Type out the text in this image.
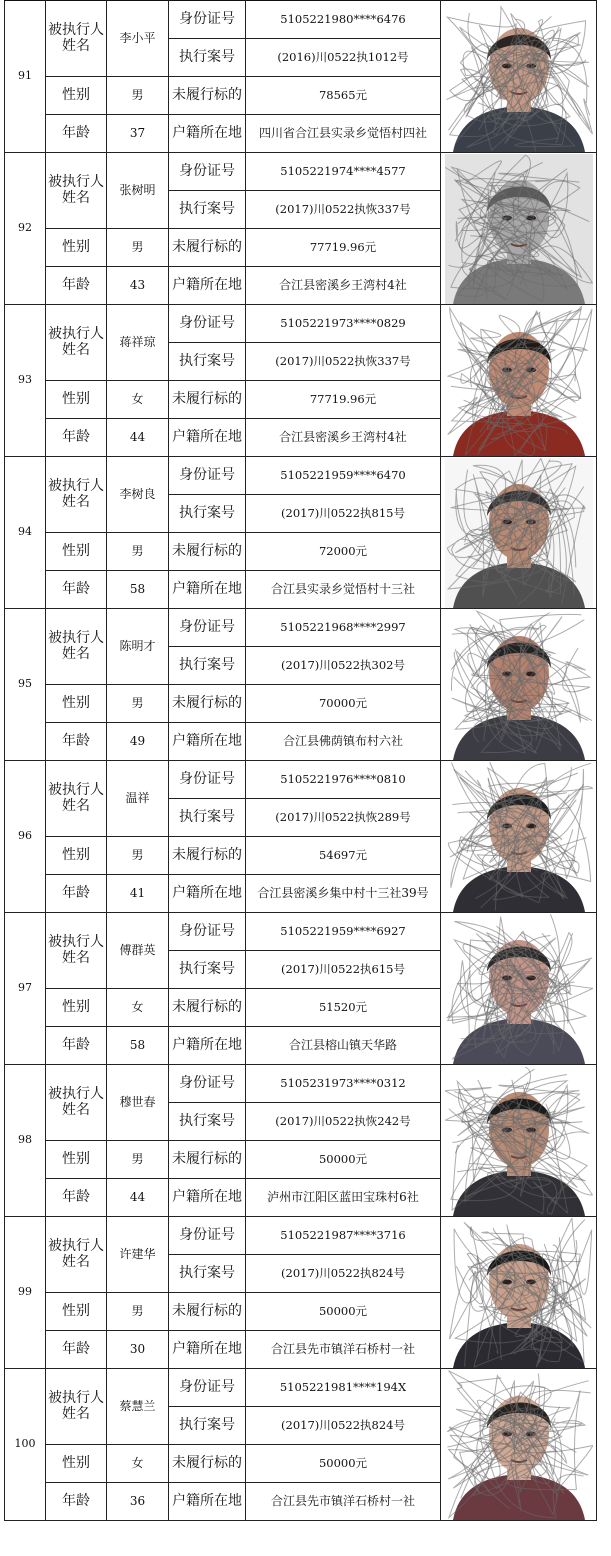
91	被执行人姓名	李小平	身份证号	5105221980****6476	

			执行案号	(2016)川0522执1012号	
	性别	男	未履行标的	78565元	
	年龄	37	户籍所在地	四川省合江县实录乡觉悟村四社	
92	被执行人姓名	张树明	身份证号	5105221974****4577	

			执行案号	(2017)川0522执恢337号	
	性别	男	未履行标的	77719.96元	
	年龄	43	户籍所在地	合江县密溪乡王湾村4社	
93	被执行人姓名	蒋祥琼	身份证号	5105221973****0829	

			执行案号	(2017)川0522执恢337号	
	性别	女	未履行标的	77719.96元	
	年龄	44	户籍所在地	合江县密溪乡王湾村4社	
94	被执行人姓名	李树良	身份证号	5105221959****6470	

			执行案号	(2017)川0522执815号	
	性别	男	未履行标的	72000元	
	年龄	58	户籍所在地	合江县实录乡觉悟村十三社	
95	被执行人姓名	陈明才	身份证号	5105221968****2997	

			执行案号	(2017)川0522执302号	
	性别	男	未履行标的	70000元	
	年龄	49	户籍所在地	合江县佛荫镇布村六社	
96	被执行人姓名	温祥	身份证号	5105221976****0810	

			执行案号	(2017)川0522执恢289号	
	性别	男	未履行标的	54697元	
	年龄	41	户籍所在地	合江县密溪乡集中村十三社39号	
97	被执行人姓名	傅群英	身份证号	5105221959****6927	

			执行案号	(2017)川0522执615号	
	性别	女	未履行标的	51520元	
	年龄	58	户籍所在地	合江县榕山镇天华路	
98	被执行人姓名	穆世春	身份证号	5105231973****0312	

			执行案号	(2017)川0522执恢242号	
	性别	男	未履行标的	50000元	
	年龄	44	户籍所在地	泸州市江阳区蓝田宝珠村6社	
99	被执行人姓名	许建华	身份证号	5105221987****3716	

			执行案号	(2017)川0522执824号	
	性别	男	未履行标的	50000元	
	年龄	30	户籍所在地	合江县先市镇洋石桥村一社	
100	被执行人姓名	蔡慧兰	身份证号	5105221981****194X	

			执行案号	(2017)川0522执824号	
	性别	女	未履行标的	50000元	
	年龄	36	户籍所在地	合江县先市镇洋石桥村一社	
